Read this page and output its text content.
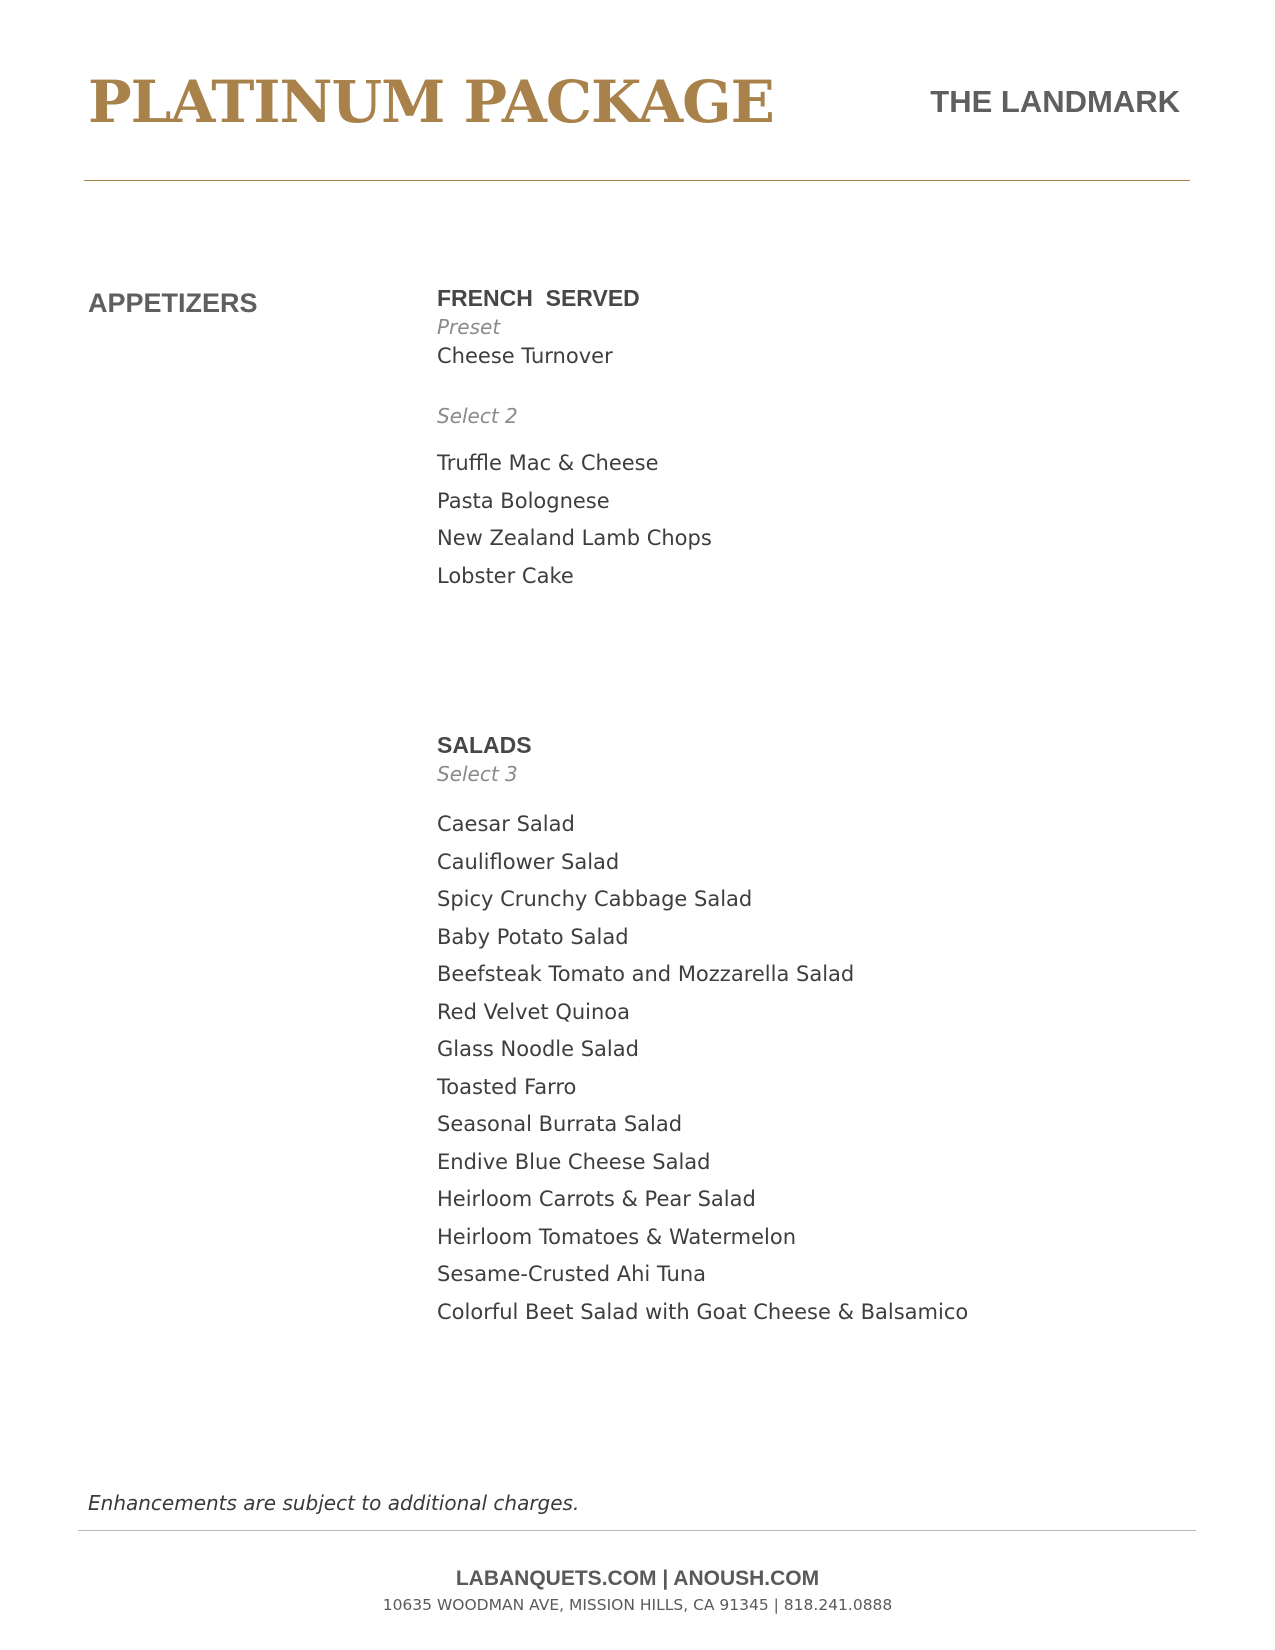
PLATINUM PACKAGE	THE LANDMARK
APPETIZERS	FRENCH  SERVED
Preset
Cheese Turnover
Select 2
Truffle Mac & Cheese
Pasta Bolognese
New Zealand Lamb Chops
Lobster Cake
SALADS
Select 3
Caesar Salad
Cauliflower Salad
Spicy Crunchy Cabbage Salad
Baby Potato Salad
Beefsteak Tomato and Mozzarella Salad
Red Velvet Quinoa
Glass Noodle Salad
Toasted Farro
Seasonal Burrata Salad
Endive Blue Cheese Salad
Heirloom Carrots & Pear Salad
Heirloom Tomatoes & Watermelon
Sesame-Crusted Ahi Tuna
Colorful Beet Salad with Goat Cheese & Balsamico
Enhancements are subject to additional charges.
LABANQUETS.COM | ANOUSH.COM
10635 WOODMAN AVE, MISSION HILLS, CA 91345 | 818.241.0888
